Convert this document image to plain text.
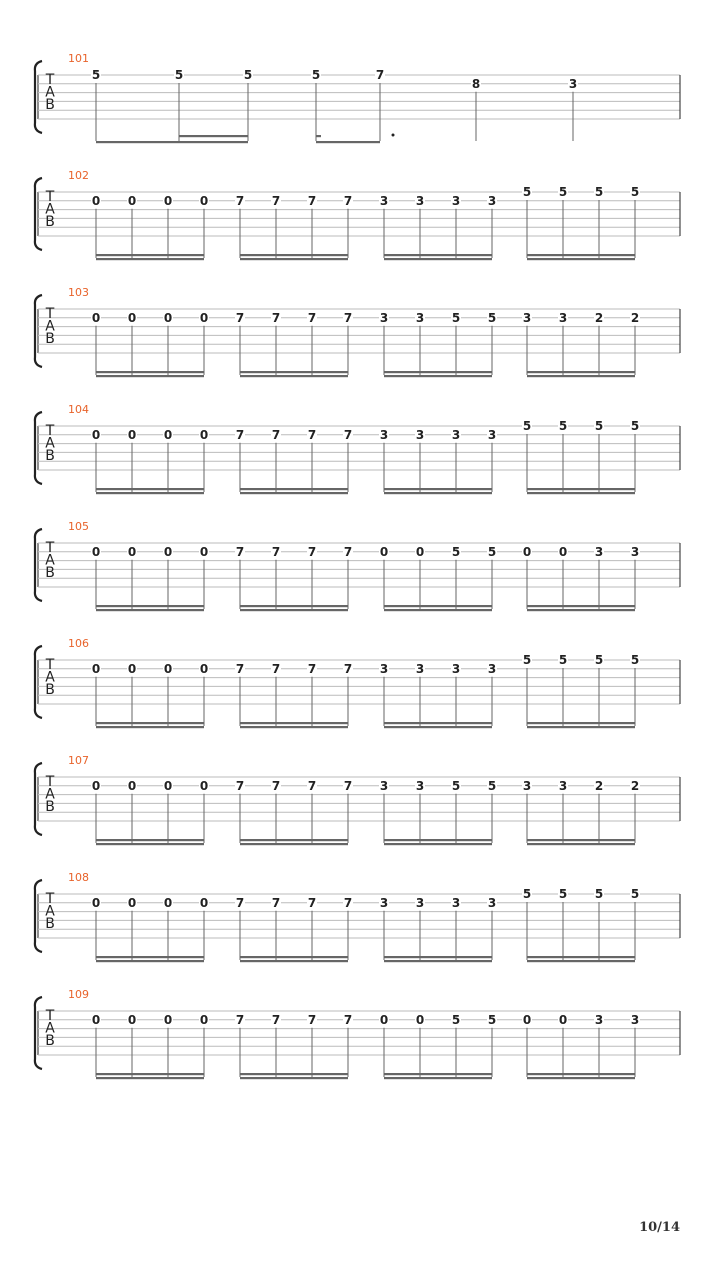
T
A
B
101
5	5	5	5	7
8	3
T
A
B
102
0 0 0 0 7 7 7 7 3 3 3 3
5 5 5 5
T
A
B
103
0 0 0 0 7 7 7 7 3 3 5 5 3 3 2 2
T
A
B
104
0 0 0 0 7 7 7 7 3 3 3 3
5 5 5 5
T
A
B
105
0 0 0 0 7 7 7 7 0 0 5 5 0 0 3 3
T
A
B
106
0 0 0 0 7 7 7 7 3 3 3 3
5 5 5 5
T
A
B
107
0 0 0 0 7 7 7 7 3 3 5 5 3 3 2 2
T
A
B
108
0 0 0 0 7 7 7 7 3 3 3 3
5 5 5 5
T
A
B
109
0 0 0 0 7 7 7 7 0 0 5 5 0 0 3 3
10/14
